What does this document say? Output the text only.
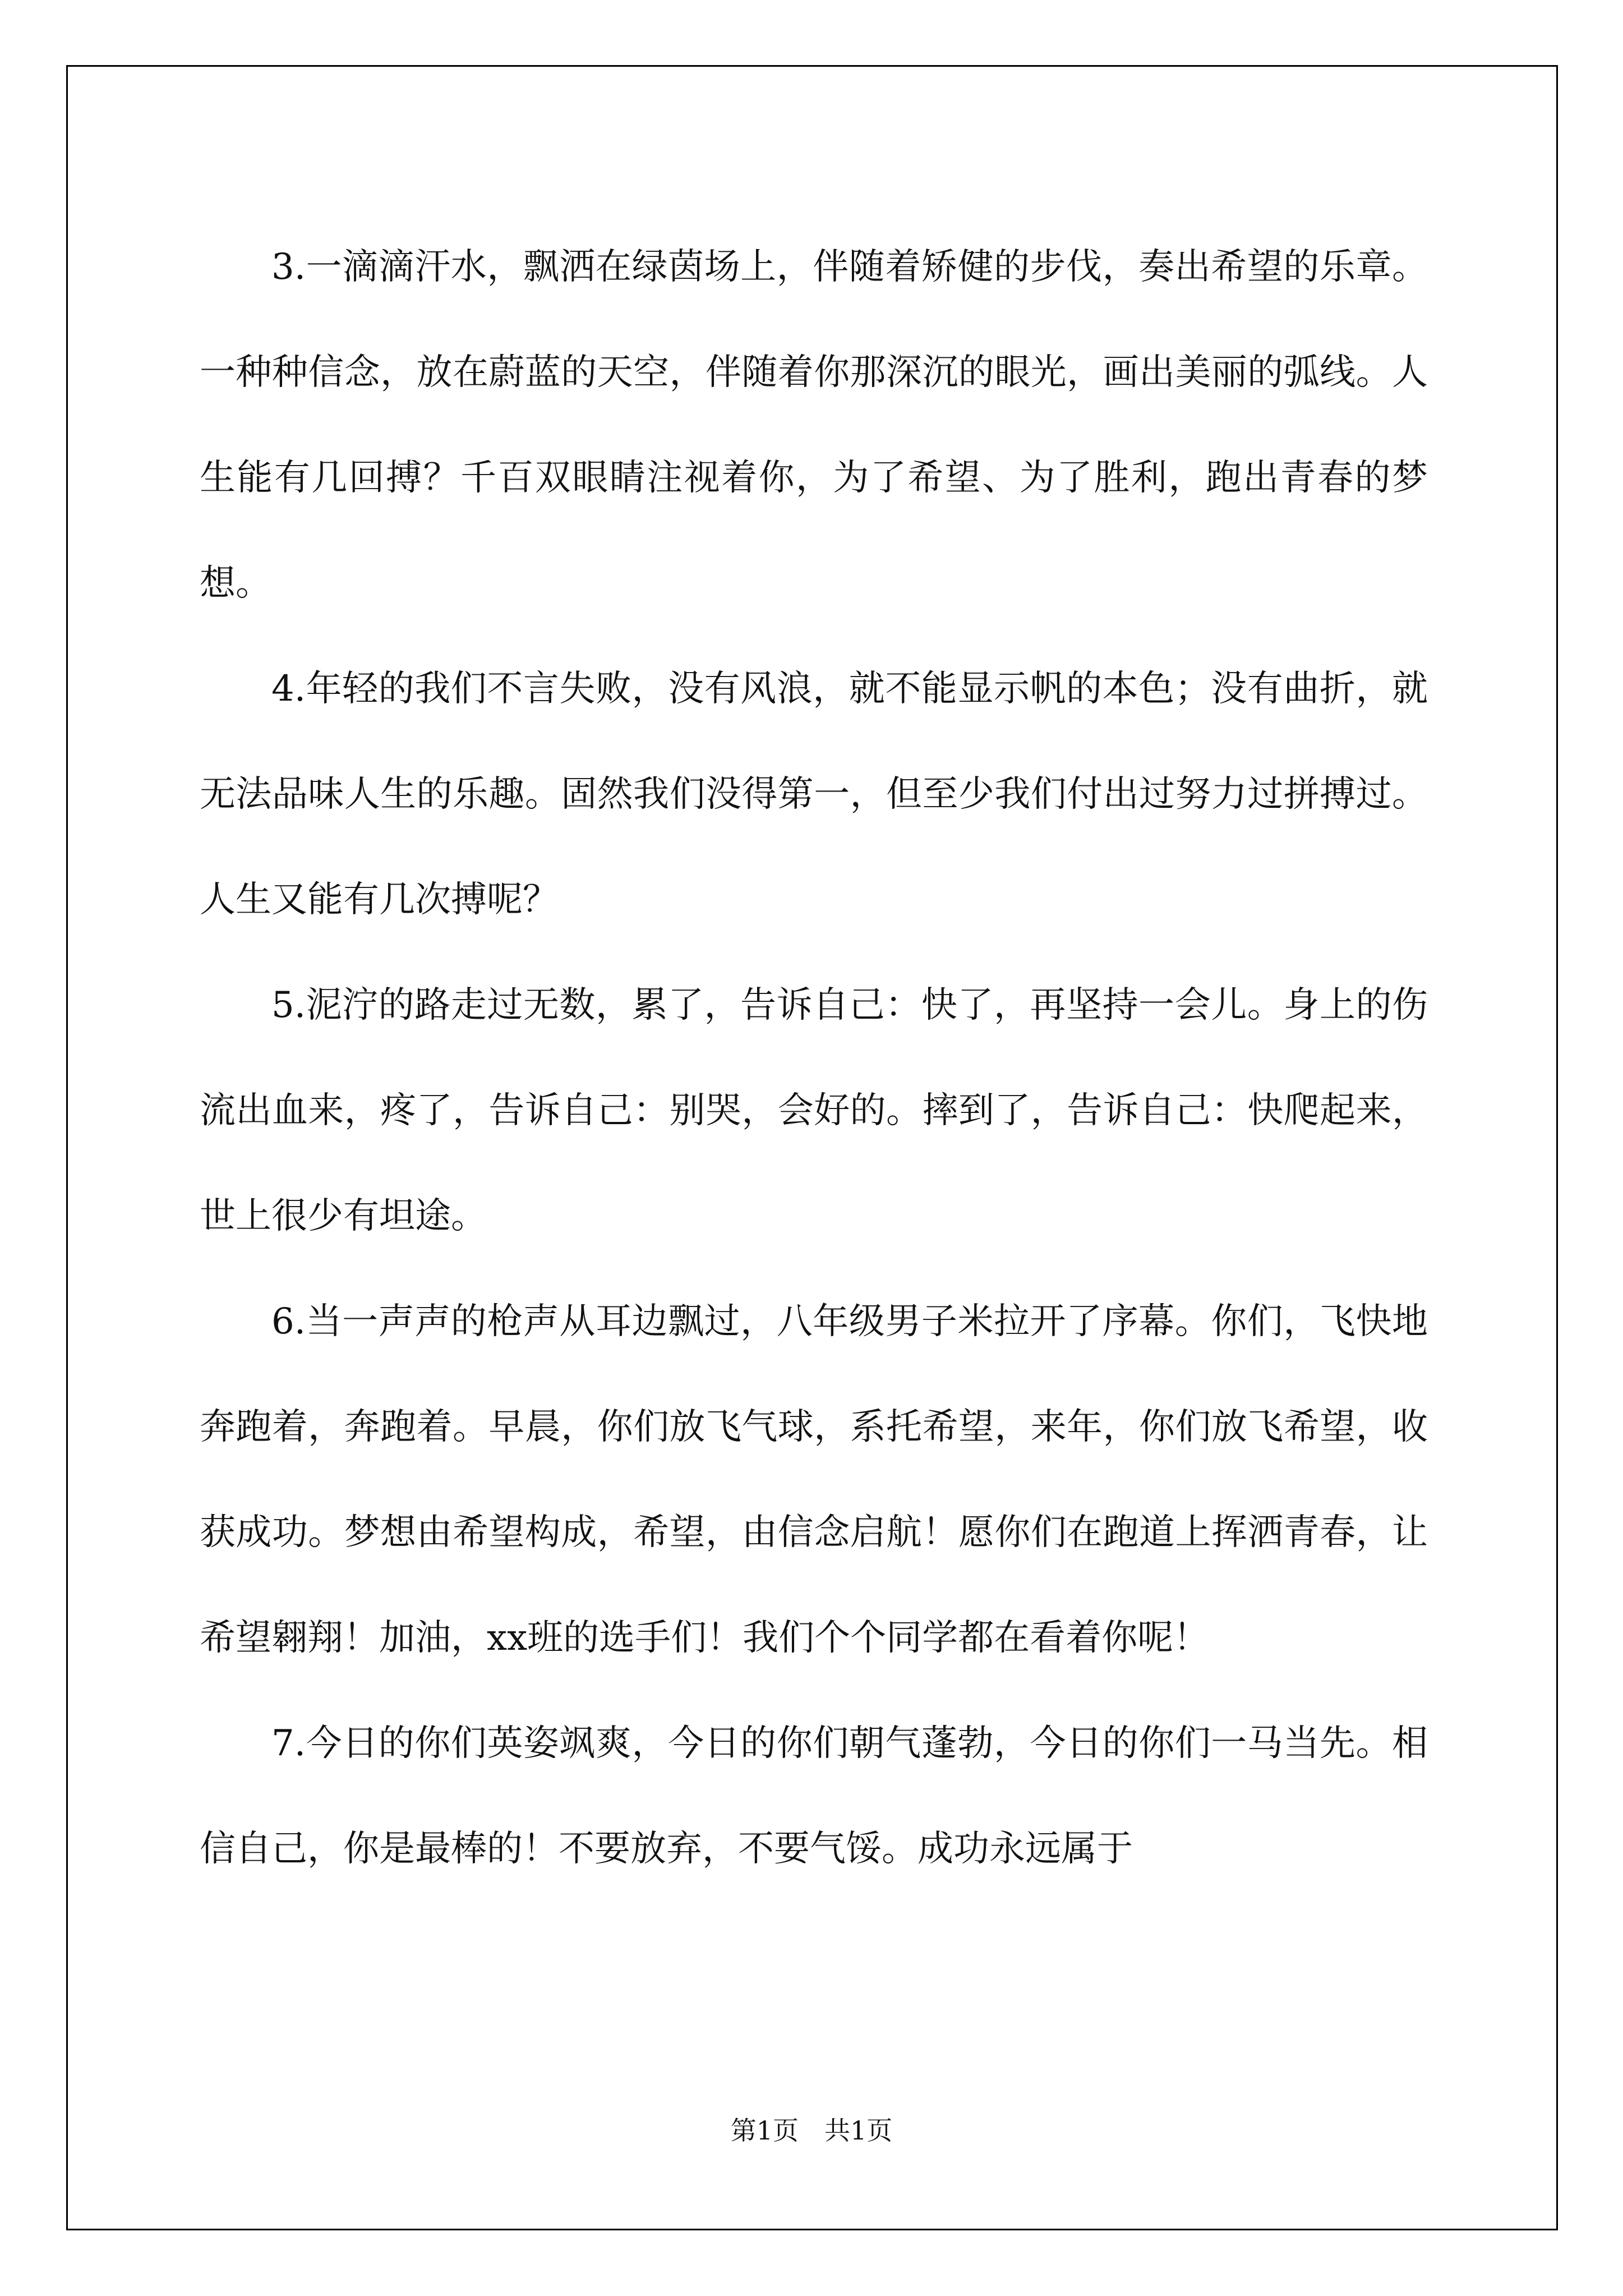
3.一滴滴汗水，飘洒在绿茵场上，伴随着矫健的步伐，奏出希望的乐章。一种种信念，放在蔚蓝的天空，伴随着你那深沉的眼光，画出美丽的弧线。人生能有几回搏？千百双眼睛注视着你，为了希望、为了胜利，跑出青春的梦想。

4.年轻的我们不言失败，没有风浪，就不能显示帆的本色；没有曲折，就无法品味人生的乐趣。固然我们没得第一，但至少我们付出过努力过拼搏过。人生又能有几次搏呢？

5.泥泞的路走过无数，累了，告诉自己：快了，再坚持一会儿。身上的伤流出血来，疼了，告诉自己：别哭，会好的。摔到了，告诉自己：快爬起来，世上很少有坦途。

6.当一声声的枪声从耳边飘过，八年级男子米拉开了序幕。你们，飞快地奔跑着，奔跑着。早晨，你们放飞气球，系托希望，来年，你们放飞希望，收获成功。梦想由希望构成，希望，由信念启航！愿你们在跑道上挥洒青春，让希望翱翔！加油，xx班的选手们！我们个个同学都在看着你呢！

7.今日的你们英姿飒爽，今日的你们朝气蓬勃，今日的你们一马当先。相信自己，你是最棒的！不要放弃，不要气馁。成功永远属于

第1页　共1页
